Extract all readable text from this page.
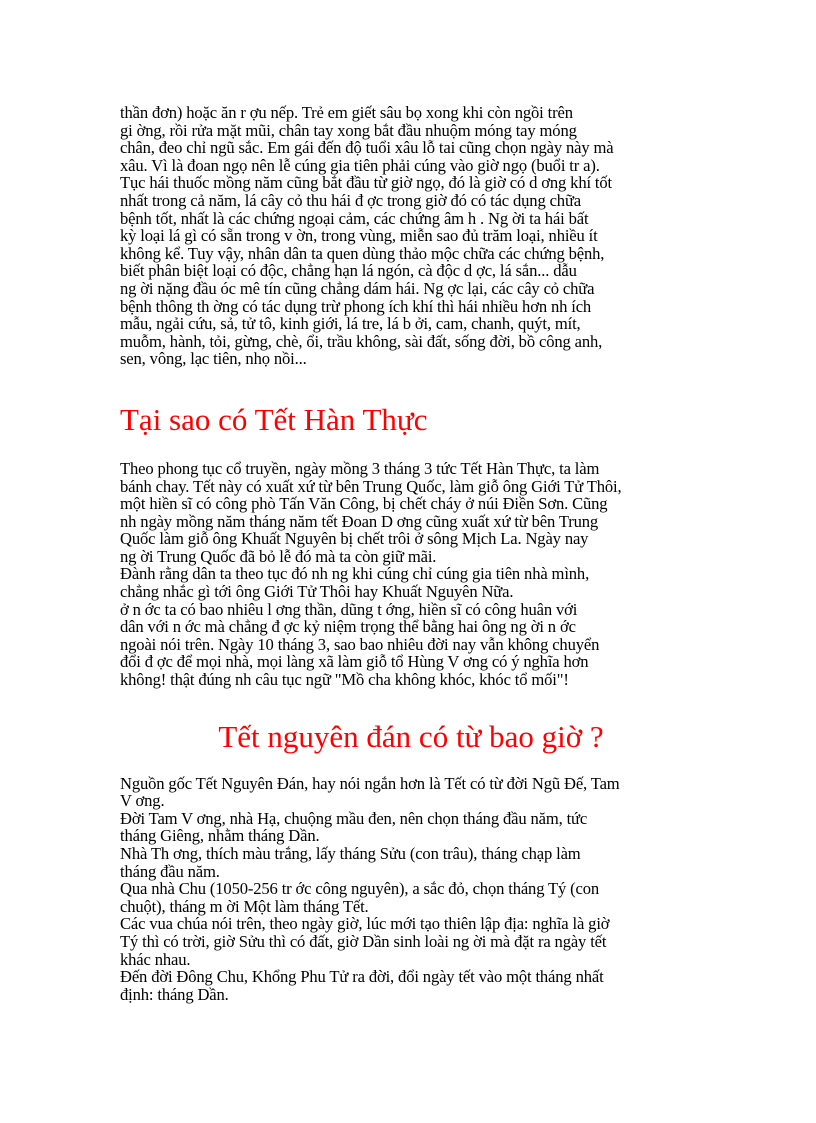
thần đơn) hoặc ăn r ợu nếp. Trẻ em giết sâu bọ xong khi còn ngồi trên
gi ờng, rồi rửa mặt mũi, chân tay xong bắt đầu nhuộm móng tay móng
chân, đeo chỉ ngũ sắc. Em gái đến độ tuổi xâu lỗ tai cũng chọn ngày này mà
xâu. Vì là đoan ngọ nên lễ cúng gia tiên phải cúng vào giờ ngọ (buổi tr a).
Tục hái thuốc mồng năm cũng bắt đầu từ giờ ngọ, đó là giờ có d ơng khí tốt
nhất trong cả năm, lá cây cỏ thu hái đ ợc trong giờ đó có tác dụng chữa
bệnh tốt, nhất là các chứng ngoại cảm, các chứng âm h . Ng ời ta hái bất
kỳ loại lá gì có sẵn trong v ờn, trong vùng, miễn sao đủ trăm loại, nhiều ít
không kể. Tuy vậy, nhân dân ta quen dùng thảo mộc chữa các chứng bệnh,
biết phân biệt loại có độc, chẳng hạn lá ngón, cà độc d ợc, lá sắn... dẫu
ng ời nặng đầu óc mê tín cũng chẳng dám hái. Ng ợc lại, các cây cỏ chữa
bệnh thông th ờng có tác dụng trừ phong ích khí thì hái nhiều hơn nh ích
mẫu, ngải cứu, sả, tử tô, kinh giới, lá tre, lá b ởi, cam, chanh, quýt, mít,
muỗm, hành, tỏi, gừng, chè, ổi, trầu không, sài đất, sống đời, bồ công anh,
sen, vông, lạc tiên, nhọ nồi...

Tại sao có Tết Hàn Thực

Theo phong tục cổ truyền, ngày mồng 3 tháng 3 tức Tết Hàn Thực, ta làm
bánh chay. Tết này có xuất xứ từ bên Trung Quốc, làm giỗ ông Giới Tử Thôi,
một hiền sĩ có công phò Tấn Văn Công, bị chết cháy ở núi Điền Sơn. Cũng
nh ngày mồng năm tháng năm tết Đoan D ơng cũng xuất xứ từ bên Trung
Quốc làm giỗ ông Khuất Nguyên bị chết trôi ở sông Mịch La. Ngày nay
ng ời Trung Quốc đã bỏ lễ đó mà ta còn giữ mãi.

Đành rằng dân ta theo tục đó nh ng khi cúng chỉ cúng gia tiên nhà mình,
chẳng nhắc gì tới ông Giới Tử Thôi hay Khuất Nguyên Nữa.

ở n ớc ta có bao nhiêu l ơng thần, dũng t ớng, hiền sĩ có công huân với
dân với n ớc mà chẳng đ ợc kỷ niệm trọng thể bằng hai ông ng ời n ớc
ngoài nói trên. Ngày 10 tháng 3, sao bao nhiêu đời nay vẫn không chuyển
đổi đ ợc để mọi nhà, mọi làng xã làm giỗ tổ Hùng V ơng có ý nghĩa hơn
không! thật đúng nh câu tục ngữ "Mồ cha không khóc, khóc tổ mối"!

Tết nguyên đán có từ bao giờ ?

Nguồn gốc Tết Nguyên Đán, hay nói ngắn hơn là Tết có từ đời Ngũ Đế, Tam
V ơng.

Đời Tam V ơng, nhà Hạ, chuộng mầu đen, nên chọn tháng đầu năm, tức
tháng Giêng, nhằm tháng Dần.

Nhà Th ơng, thích màu trắng, lấy tháng Sửu (con trâu), tháng chạp làm
tháng đầu năm.

Qua nhà Chu (1050-256 tr ớc công nguyên), a sắc đỏ, chọn tháng Tý (con
chuột), tháng m ời Một làm tháng Tết.

Các vua chúa nói trên, theo ngày giờ, lúc mới tạo thiên lập địa: nghĩa là giờ
Tý thì có trời, giờ Sửu thì có đất, giờ Dần sinh loài ng ời mà đặt ra ngày tết
khác nhau.

Đến đời Đông Chu, Khổng Phu Tử ra đời, đổi ngày tết vào một tháng nhất
định: tháng Dần.
